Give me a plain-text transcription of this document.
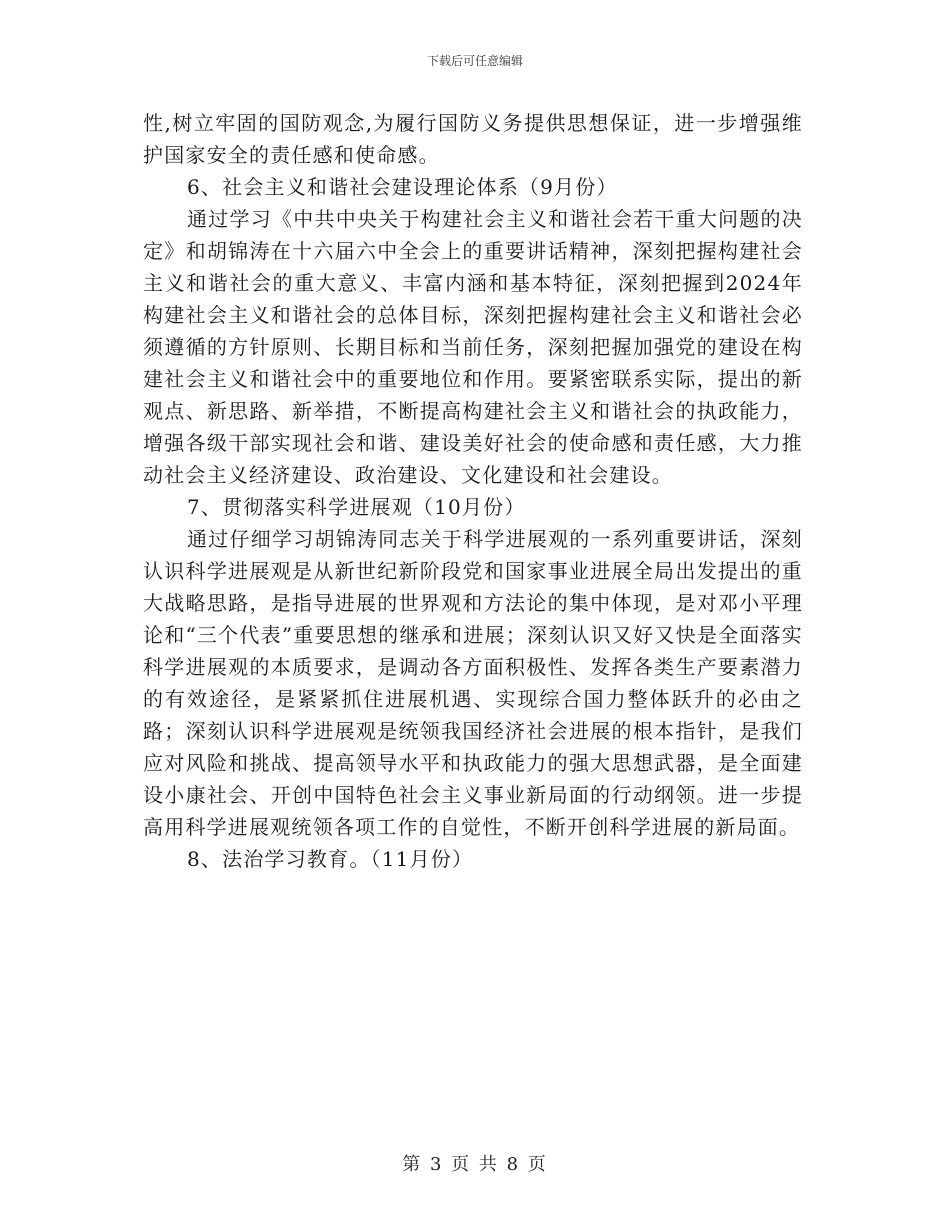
下载后可任意编辑

性,树立牢固的国防观念,为履行国防义务提供思想保证，进一步增强维护国家安全的责任感和使命感。

6、社会主义和谐社会建设理论体系（9月份）

通过学习《中共中央关于构建社会主义和谐社会若干重大问题的决定》和胡锦涛在十六届六中全会上的重要讲话精神，深刻把握构建社会主义和谐社会的重大意义、丰富内涵和基本特征，深刻把握到2024年构建社会主义和谐社会的总体目标，深刻把握构建社会主义和谐社会必须遵循的方针原则、长期目标和当前任务，深刻把握加强党的建设在构建社会主义和谐社会中的重要地位和作用。要紧密联系实际，提出的新观点、新思路、新举措，不断提高构建社会主义和谐社会的执政能力，增强各级干部实现社会和谐、建设美好社会的使命感和责任感，大力推动社会主义经济建设、政治建设、文化建设和社会建设。

7、贯彻落实科学进展观（10月份）

通过仔细学习胡锦涛同志关于科学进展观的一系列重要讲话，深刻认识科学进展观是从新世纪新阶段党和国家事业进展全局出发提出的重大战略思路，是指导进展的世界观和方法论的集中体现，是对邓小平理论和“三个代表”重要思想的继承和进展；深刻认识又好又快是全面落实科学进展观的本质要求，是调动各方面积极性、发挥各类生产要素潜力的有效途径，是紧紧抓住进展机遇、实现综合国力整体跃升的必由之路；深刻认识科学进展观是统领我国经济社会进展的根本指针，是我们应对风险和挑战、提高领导水平和执政能力的强大思想武器，是全面建设小康社会、开创中国特色社会主义事业新局面的行动纲领。进一步提高用科学进展观统领各项工作的自觉性，不断开创科学进展的新局面。

8、法治学习教育。（11月份）

第 3 页 共 8 页
